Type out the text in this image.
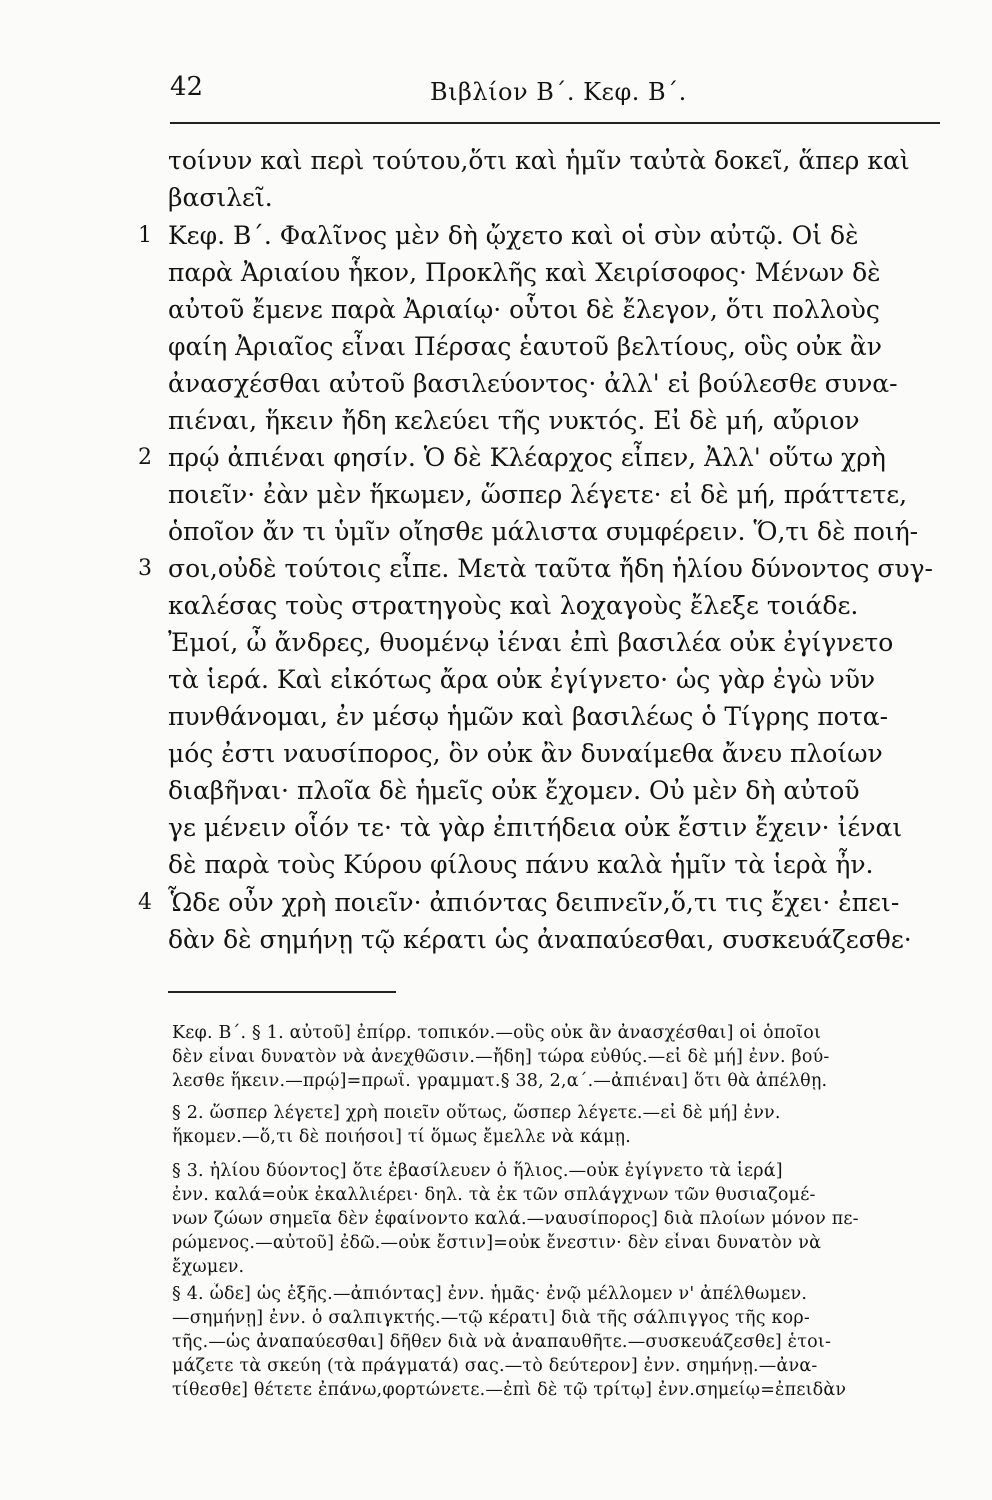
42	Βιβλίον Β΄. Κεφ. Β΄.
τοίνυν καὶ περὶ τούτου,ὅτι καὶ ἡμῖν ταὐτὰ δοκεῖ, ἅπερ καὶ
βασιλεῖ.
1 Κεφ. Β΄. Φαλῖνος μὲν δὴ ᾤχετο καὶ οἱ σὺν αὐτῷ. Οἱ δὲ
παρὰ Ἀριαίου ἧκον, Προκλῆς καὶ Χειρίσοφος· Μένων δὲ
αὐτοῦ ἔμενε παρὰ Ἀριαίῳ· οὗτοι δὲ ἔλεγον, ὅτι πολλοὺς
φαίη Ἀριαῖος εἶναι Πέρσας ἑαυτοῦ βελτίους, οὓς οὐκ ἂν
ἀνασχέσθαι αὐτοῦ βασιλεύοντος· ἀλλ' εἰ βούλεσθε συνα-
πιέναι, ἥκειν ἤδη κελεύει τῆς νυκτός. Εἰ δὲ μή, αὔριον
2 πρῴ ἀπιέναι φησίν. Ὁ δὲ Κλέαρχος εἶπεν, Ἀλλ' οὕτω χρὴ
ποιεῖν· ἐὰν μὲν ἥκωμεν, ὥσπερ λέγετε· εἰ δὲ μή, πράττετε,
ὁποῖον ἄν τι ὑμῖν οἴησθε μάλιστα συμφέρειν. Ὅ,τι δὲ ποιή-
3 σοι,οὐδὲ τούτοις εἶπε. Μετὰ ταῦτα ἤδη ἡλίου δύνοντος συγ-
καλέσας τοὺς στρατηγοὺς καὶ λοχαγοὺς ἔλεξε τοιάδε.
Ἐμοί, ὦ ἄνδρες, θυομένῳ ἰέναι ἐπὶ βασιλέα οὐκ ἐγίγνετο
τὰ ἱερά. Καὶ εἰκότως ἄρα οὐκ ἐγίγνετο· ὡς γὰρ ἐγὼ νῦν
πυνθάνομαι, ἐν μέσῳ ἡμῶν καὶ βασιλέως ὁ Τίγρης ποτα-
μός ἐστι ναυσίπορος, ὃν οὐκ ἂν δυναίμεθα ἄνευ πλοίων
διαβῆναι· πλοῖα δὲ ἡμεῖς οὐκ ἔχομεν. Οὐ μὲν δὴ αὐτοῦ
γε μένειν οἷόν τε· τὰ γὰρ ἐπιτήδεια οὐκ ἔστιν ἔχειν· ἰέναι
δὲ παρὰ τοὺς Κύρου φίλους πάνυ καλὰ ἡμῖν τὰ ἱερὰ ἦν.
4 Ὧδε οὖν χρὴ ποιεῖν· ἀπιόντας δειπνεῖν,ὅ,τι τις ἔχει· ἐπει-
δὰν δὲ σημήνῃ τῷ κέρατι ὡς ἀναπαύεσθαι, συσκευάζεσθε·
Κεφ. Β΄. § 1. αὐτοῦ] ἐπίρρ. τοπικόν.—οὓς οὐκ ἂν ἀνασχέσθαι] οἱ ὁποῖοι
δὲν εἶναι δυνατὸν νὰ ἀνεχθῶσιν.—ἤδη] τώρα εὐθύς.—εἰ δὲ μή] ἐνν. βού-
λεσθε ἥκειν.—πρῴ]=πρωΐ. γραμματ.§ 38, 2,α΄.—ἀπιέναι] ὅτι θὰ ἀπέλθῃ.
§ 2. ὥσπερ λέγετε] χρὴ ποιεῖν οὕτως, ὥσπερ λέγετε.—εἰ δὲ μή] ἐνν.
ἥκομεν.—ὅ,τι δὲ ποιήσοι] τί ὅμως ἔμελλε νὰ κάμῃ.
§ 3. ἡλίου δύοντος] ὅτε ἐβασίλευεν ὁ ἥλιος.—οὐκ ἐγίγνετο τὰ ἱερά]
ἐνν. καλά=οὐκ ἐκαλλιέρει· δηλ. τὰ ἐκ τῶν σπλάγχνων τῶν θυσιαζομέ-
νων ζώων σημεῖα δὲν ἐφαίνοντο καλά.—ναυσίπορος] διὰ πλοίων μόνον πε-
ρώμενος.—αὐτοῦ] ἐδῶ.—οὐκ ἔστιν]=οὐκ ἔνεστιν· δὲν εἶναι δυνατὸν νὰ
ἔχωμεν.
§ 4. ὧδε] ὡς ἑξῆς.—ἀπιόντας] ἐνν. ἡμᾶς· ἐνῷ μέλλομεν ν' ἀπέλθωμεν.
—σημήνῃ] ἐνν. ὁ σαλπιγκτής.—τῷ κέρατι] διὰ τῆς σάλπιγγος τῆς κορ-
τῆς.—ὡς ἀναπαύεσθαι] δῆθεν διὰ νὰ ἀναπαυθῆτε.—συσκευάζεσθε] ἑτοι-
μάζετε τὰ σκεύη (τὰ πράγματά) σας.—τὸ δεύτερον] ἐνν. σημήνῃ.—ἀνα-
τίθεσθε] θέτετε ἐπάνω,φορτώνετε.—ἐπὶ δὲ τῷ τρίτῳ] ἐνν.σημείῳ=ἐπειδὰν
